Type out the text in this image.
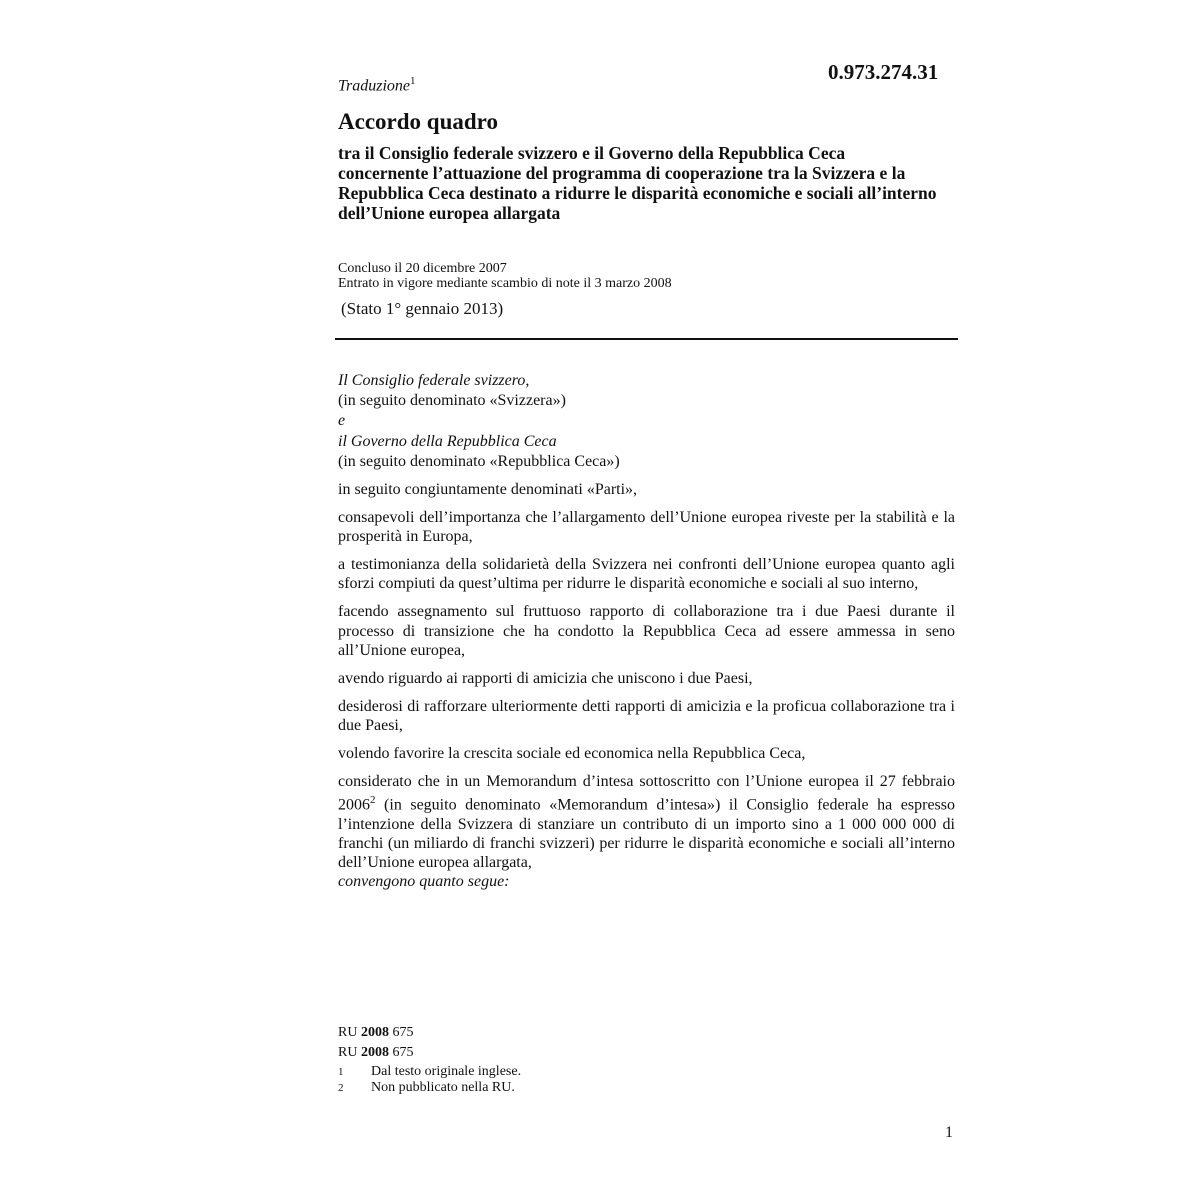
0.973.274.31
Traduzione$^1$
Accordo quadro
tra il Consiglio federale svizzero e il Governo della Repubblica Ceca concernente l’attuazione del programma di cooperazione tra la Svizzera e la Repubblica Ceca destinato a ridurre le disparità economiche e sociali all’interno dell’Unione europea allargata
Concluso il 20 dicembre 2007
Entrato in vigore mediante scambio di note il 3 marzo 2008
(Stato 1° gennaio 2013)

Il Consiglio federale svizzero,

(in seguito denominato «Svizzera»)

e

il Governo della Repubblica Ceca

(in seguito denominato «Repubblica Ceca»)

in seguito congiuntamente denominati «Parti»,

consapevoli dell’importanza che l’allargamento dell’Unione europea riveste per la stabilità e la prosperità in Europa,

a testimonianza della solidarietà della Svizzera nei confronti dell’Unione europea quanto agli sforzi compiuti da quest’ultima per ridurre le disparità economiche e sociali al suo interno,

facendo assegnamento sul fruttuoso rapporto di collaborazione tra i due Paesi durante il processo di transizione che ha condotto la Repubblica Ceca ad essere ammessa in seno all’Unione europea,

avendo riguardo ai rapporti di amicizia che uniscono i due Paesi,

desiderosi di rafforzare ulteriormente detti rapporti di amicizia e la proficua collaborazione tra i due Paesi,

volendo favorire la crescita sociale ed economica nella Repubblica Ceca,

considerato che in un Memorandum d’intesa sottoscritto con l’Unione europea il 27 febbraio 2006$^2$ (in seguito denominato «Memorandum d’intesa») il Consiglio federale ha espresso l’intenzione della Svizzera di stanziare un contributo di un importo sino a 1 000 000 000 di franchi (un miliardo di franchi svizzeri) per ridurre le disparità economiche e sociali all’interno dell’Unione europea allargata,

convengono quanto segue:

RU 2008 675
RU 2008 675
1	Dal testo originale inglese.
2	Non pubblicato nella RU.
1
